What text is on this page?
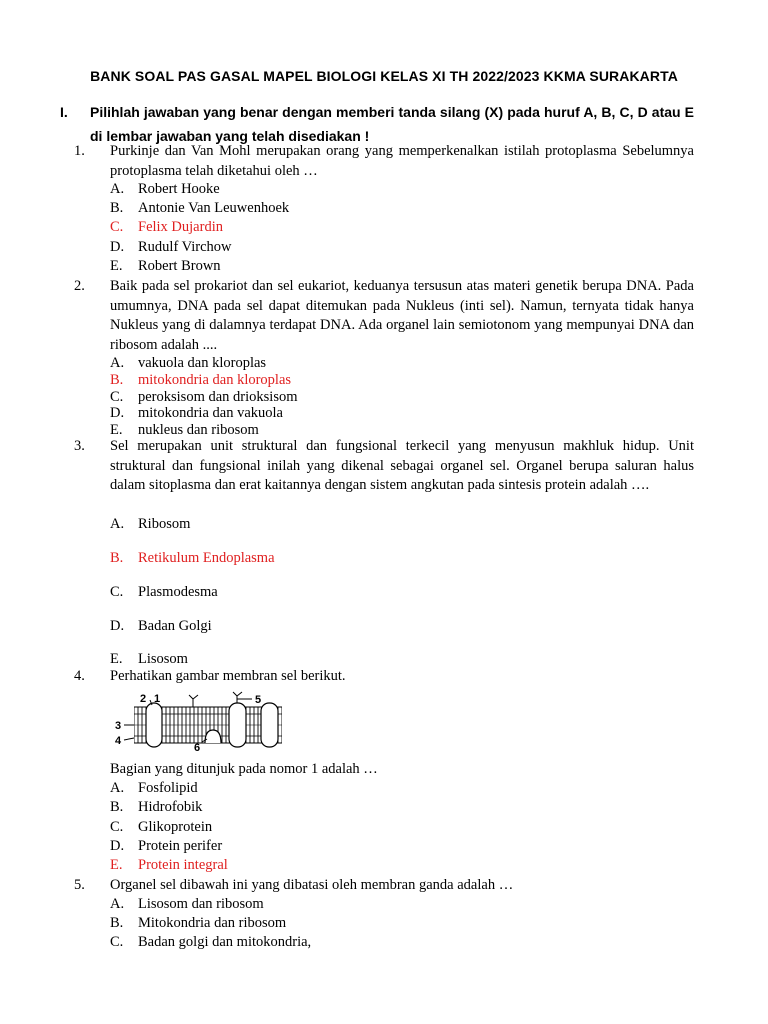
BANK SOAL PAS GASAL MAPEL BIOLOGI KELAS XI TH 2022/2023 KKMA SURAKARTA
I. Pilihlah jawaban yang benar dengan memberi tanda silang (X) pada huruf A, B, C, D atau E di lembar jawaban yang telah disediakan !
1. Purkinje dan Van Mohl merupakan orang yang memperkenalkan istilah protoplasma Sebelumnya protoplasma telah diketahui oleh …
A. Robert Hooke
B. Antonie Van Leuwenhoek
C. Felix Dujardin
D. Rudulf Virchow
E. Robert Brown
2. Baik pada sel prokariot dan sel eukariot, keduanya tersusun atas materi genetik berupa DNA. Pada umumnya, DNA pada sel dapat ditemukan pada Nukleus (inti sel). Namun, ternyata tidak hanya Nukleus yang di dalamnya terdapat DNA. Ada organel lain semiotonom yang mempunyai DNA dan ribosom adalah ....
A. vakuola dan kloroplas
B. mitokondria dan kloroplas
C. peroksisom dan drioksisom
D. mitokondria dan vakuola
E. nukleus dan ribosom
3. Sel merupakan unit struktural dan fungsional terkecil yang menyusun makhluk hidup. Unit struktural dan fungsional inilah yang dikenal sebagai organel sel. Organel berupa saluran halus dalam sitoplasma dan erat kaitannya dengan sistem angkutan pada sintesis protein adalah ….
A. Ribosom
B. Retikulum Endoplasma
C. Plasmodesma
D. Badan Golgi
E. Lisosom
4. Perhatikan gambar membran sel berikut.
2 1
3
4
5
6
Bagian yang ditunjuk pada nomor 1 adalah …
A. Fosfolipid
B. Hidrofobik
C. Glikoprotein
D. Protein perifer
E. Protein integral
5. Organel sel dibawah ini yang dibatasi oleh membran ganda adalah …
A. Lisosom dan ribosom
B. Mitokondria dan ribosom
C. Badan golgi dan mitokondria,
